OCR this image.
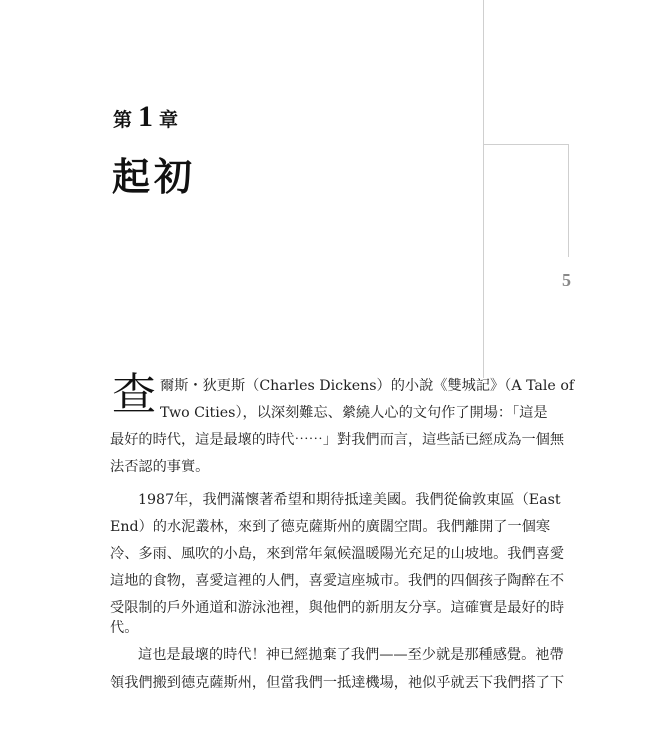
5
第 1 章
起初
查 爾斯・狄更斯（Charles Dickens）的小說《雙城記》（A Tale of
Two Cities），以深刻難忘、縈繞人心的文句作了開場：「這是
最好的時代，這是最壞的時代⋯⋯」對我們而言，這些話已經成為一個無
法否認的事實。
1987年，我們滿懷著希望和期待抵達美國。我們從倫敦東區（East
End）的水泥叢林，來到了德克薩斯州的廣闊空間。我們離開了一個寒
冷、多雨、風吹的小島，來到常年氣候溫暖陽光充足的山坡地。我們喜愛
這地的食物，喜愛這裡的人們，喜愛這座城市。我們的四個孩子陶醉在不
受限制的戶外通道和游泳池裡，與他們的新朋友分享。這確實是最好的時
代。
這也是最壞的時代！神已經拋棄了我們——至少就是那種感覺。祂帶
領我們搬到德克薩斯州，但當我們一抵達機場，祂似乎就丟下我們搭了下
